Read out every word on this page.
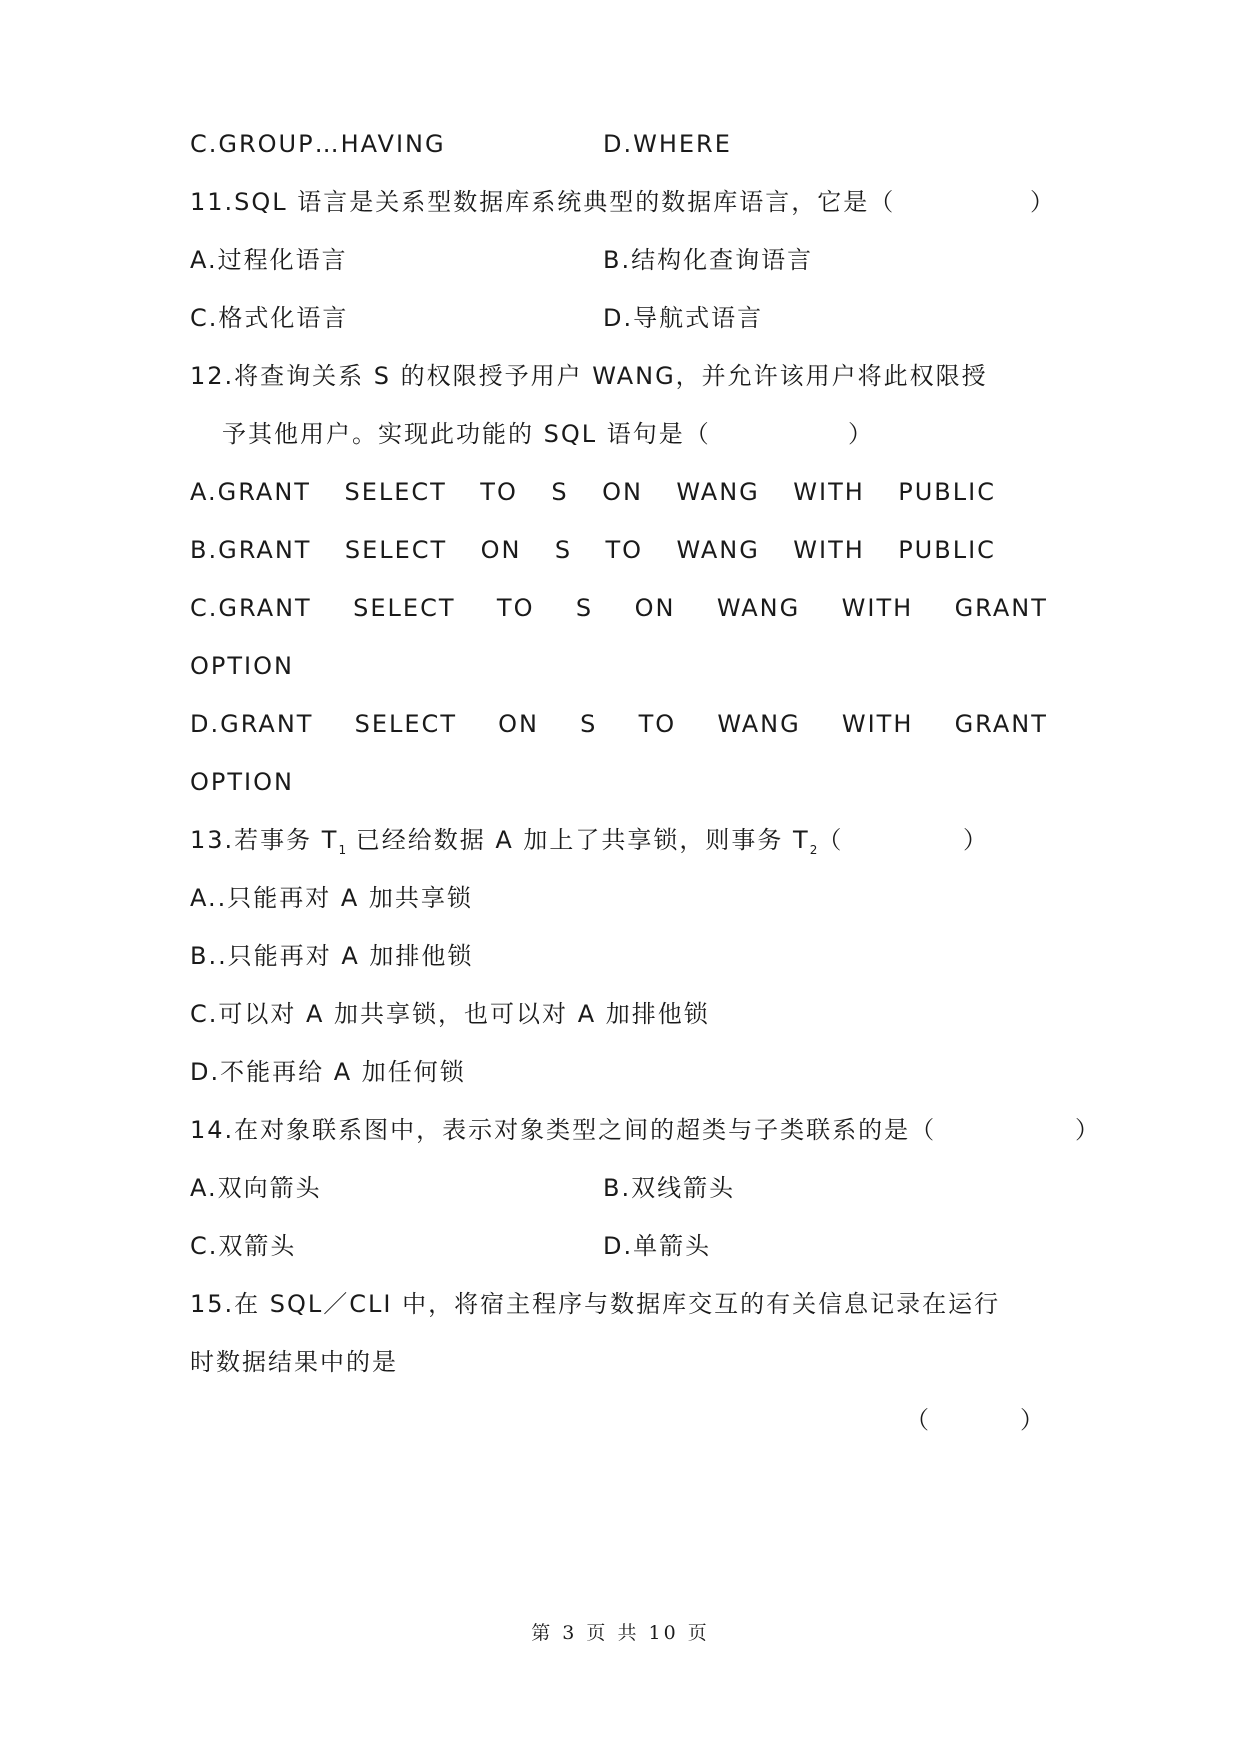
C.GROUP…HAVING	D.WHERE
11.SQL 语言是关系型数据库系统典型的数据库语言，它是（	）
A.过程化语言	B.结构化查询语言
C.格式化语言	D.导航式语言
12.将查询关系 S 的权限授予用户 WANG，并允许该用户将此权限授
予其他用户。实现此功能的 SQL 语句是（	）
A.GRANT SELECT TO S ON WANG WITH PUBLIC
B.GRANT SELECT ON S TO WANG WITH PUBLIC
C.GRANT SELECT TO S ON WANG WITH GRANT
OPTION
D.GRANT SELECT ON S TO WANG WITH GRANT
OPTION
13.若事务 $T_1$ 已经给数据 A 加上了共享锁，则事务 $T_2$（	）
A..只能再对 A 加共享锁
B..只能再对 A 加排他锁
C.可以对 A 加共享锁，也可以对 A 加排他锁
D.不能再给 A 加任何锁
14.在对象联系图中，表示对象类型之间的超类与子类联系的是（	）
A.双向箭头	B.双线箭头
C.双箭头	D.单箭头
15.在 SQL／CLI 中，将宿主程序与数据库交互的有关信息记录在运行
时数据结果中的是
（	）
第 3 页 共 10 页
